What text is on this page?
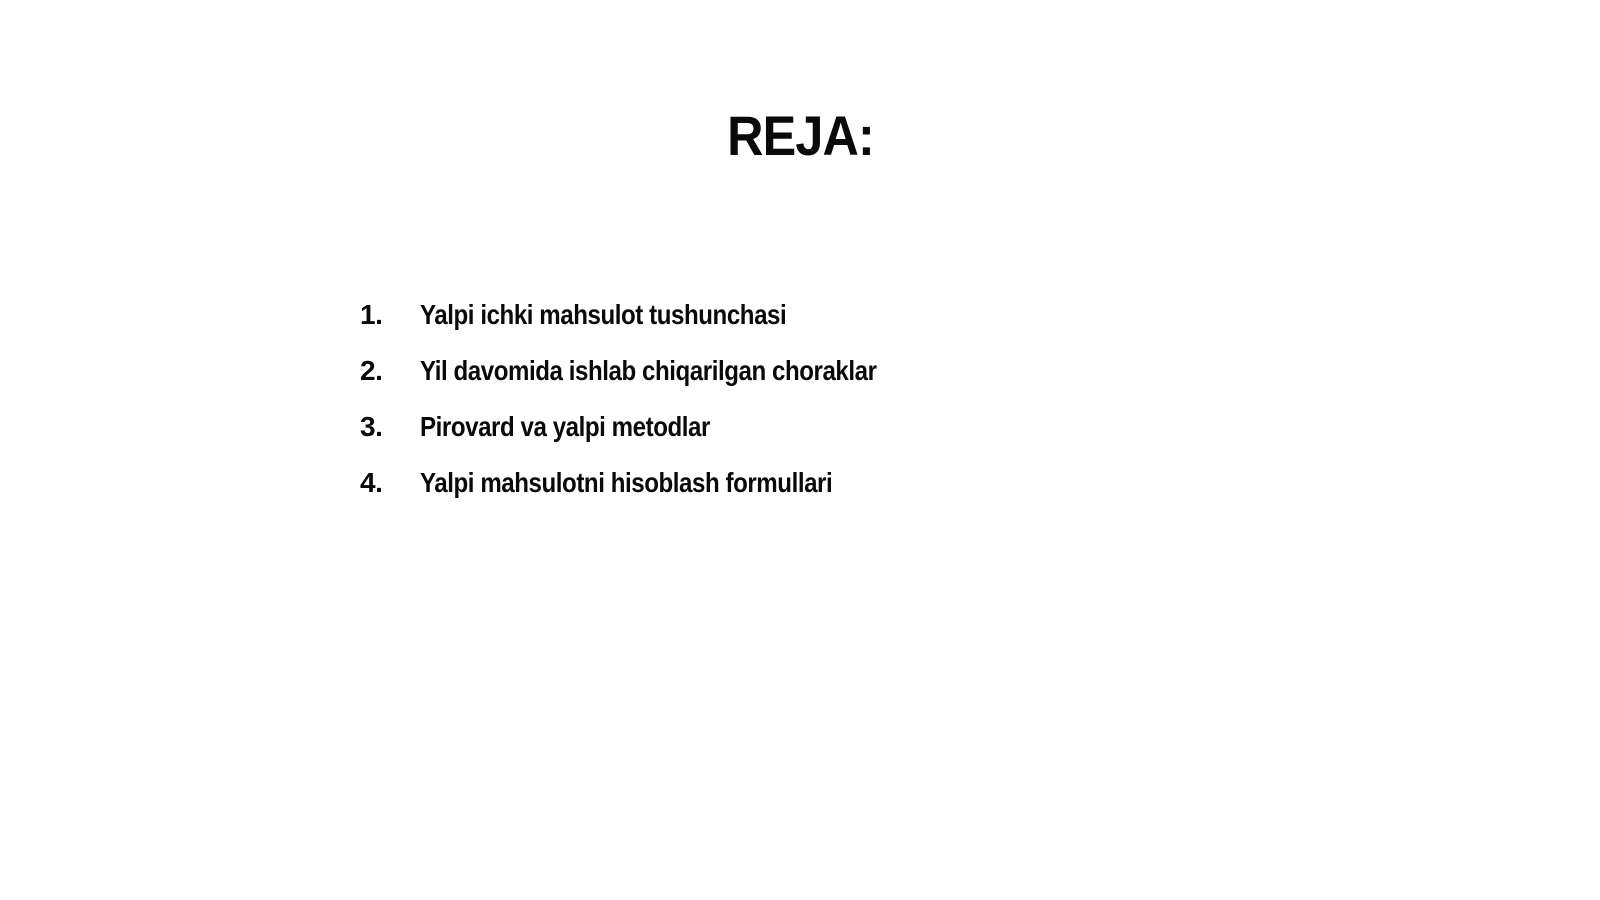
REJA:
1.	Yalpi ichki mahsulot tushunchasi
2.	Yil davomida ishlab chiqarilgan choraklar
3.	Pirovard va yalpi metodlar
4.	Yalpi mahsulotni hisoblash formullari
